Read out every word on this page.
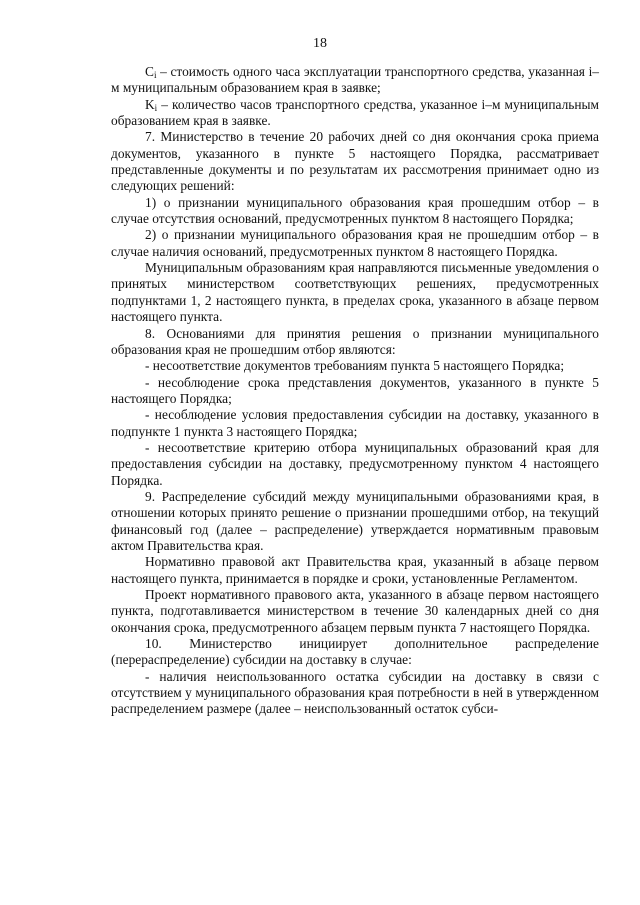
18

$C_i$ – стоимость одного часа эксплуатации транспортного средства, указанная i–м муниципальным образованием края в заявке;

$K_i$ – количество часов транспортного средства, указанное i–м муниципальным образованием края в заявке.

7. Министерство в течение 20 рабочих дней со дня окончания срока приема документов, указанного в пункте 5 настоящего Порядка, рассматривает представленные документы и по результатам их рассмотрения принимает одно из следующих решений:

1) о признании муниципального образования края прошедшим отбор – в случае отсутствия оснований, предусмотренных пунктом 8 настоящего Порядка;

2) о признании муниципального образования края не прошедшим отбор – в случае наличия оснований, предусмотренных пунктом 8 настоящего Порядка.

Муниципальным образованиям края направляются письменные уведомления о принятых министерством соответствующих решениях, предусмотренных подпунктами 1, 2 настоящего пункта, в пределах срока, указанного в абзаце первом настоящего пункта.

8. Основаниями для принятия решения о признании муниципального образования края не прошедшим отбор являются:

- несоответствие документов требованиям пункта 5 настоящего Порядка;

- несоблюдение срока представления документов, указанного в пункте 5 настоящего Порядка;

- несоблюдение условия предоставления субсидии на доставку, указанного в подпункте 1 пункта 3 настоящего Порядка;

- несоответствие критерию отбора муниципальных образований края для предоставления субсидии на доставку, предусмотренному пунктом 4 настоящего Порядка.

9. Распределение субсидий между муниципальными образованиями края, в отношении которых принято решение о признании прошедшими отбор, на текущий финансовый год (далее – распределение) утверждается нормативным правовым актом Правительства края.

Нормативно правовой акт Правительства края, указанный в абзаце первом настоящего пункта, принимается в порядке и сроки, установленные Регламентом.

Проект нормативного правового акта, указанного в абзаце первом настоящего пункта, подготавливается министерством в течение 30 календарных дней со дня окончания срока, предусмотренного абзацем первым пункта 7 настоящего Порядка.

10. Министерство инициирует дополнительное распределение (перераспределение) субсидии на доставку в случае:

- наличия неиспользованного остатка субсидии на доставку в связи с отсутствием у муниципального образования края потребности в ней в утвержденном распределением размере (далее – неиспользованный остаток субси-
